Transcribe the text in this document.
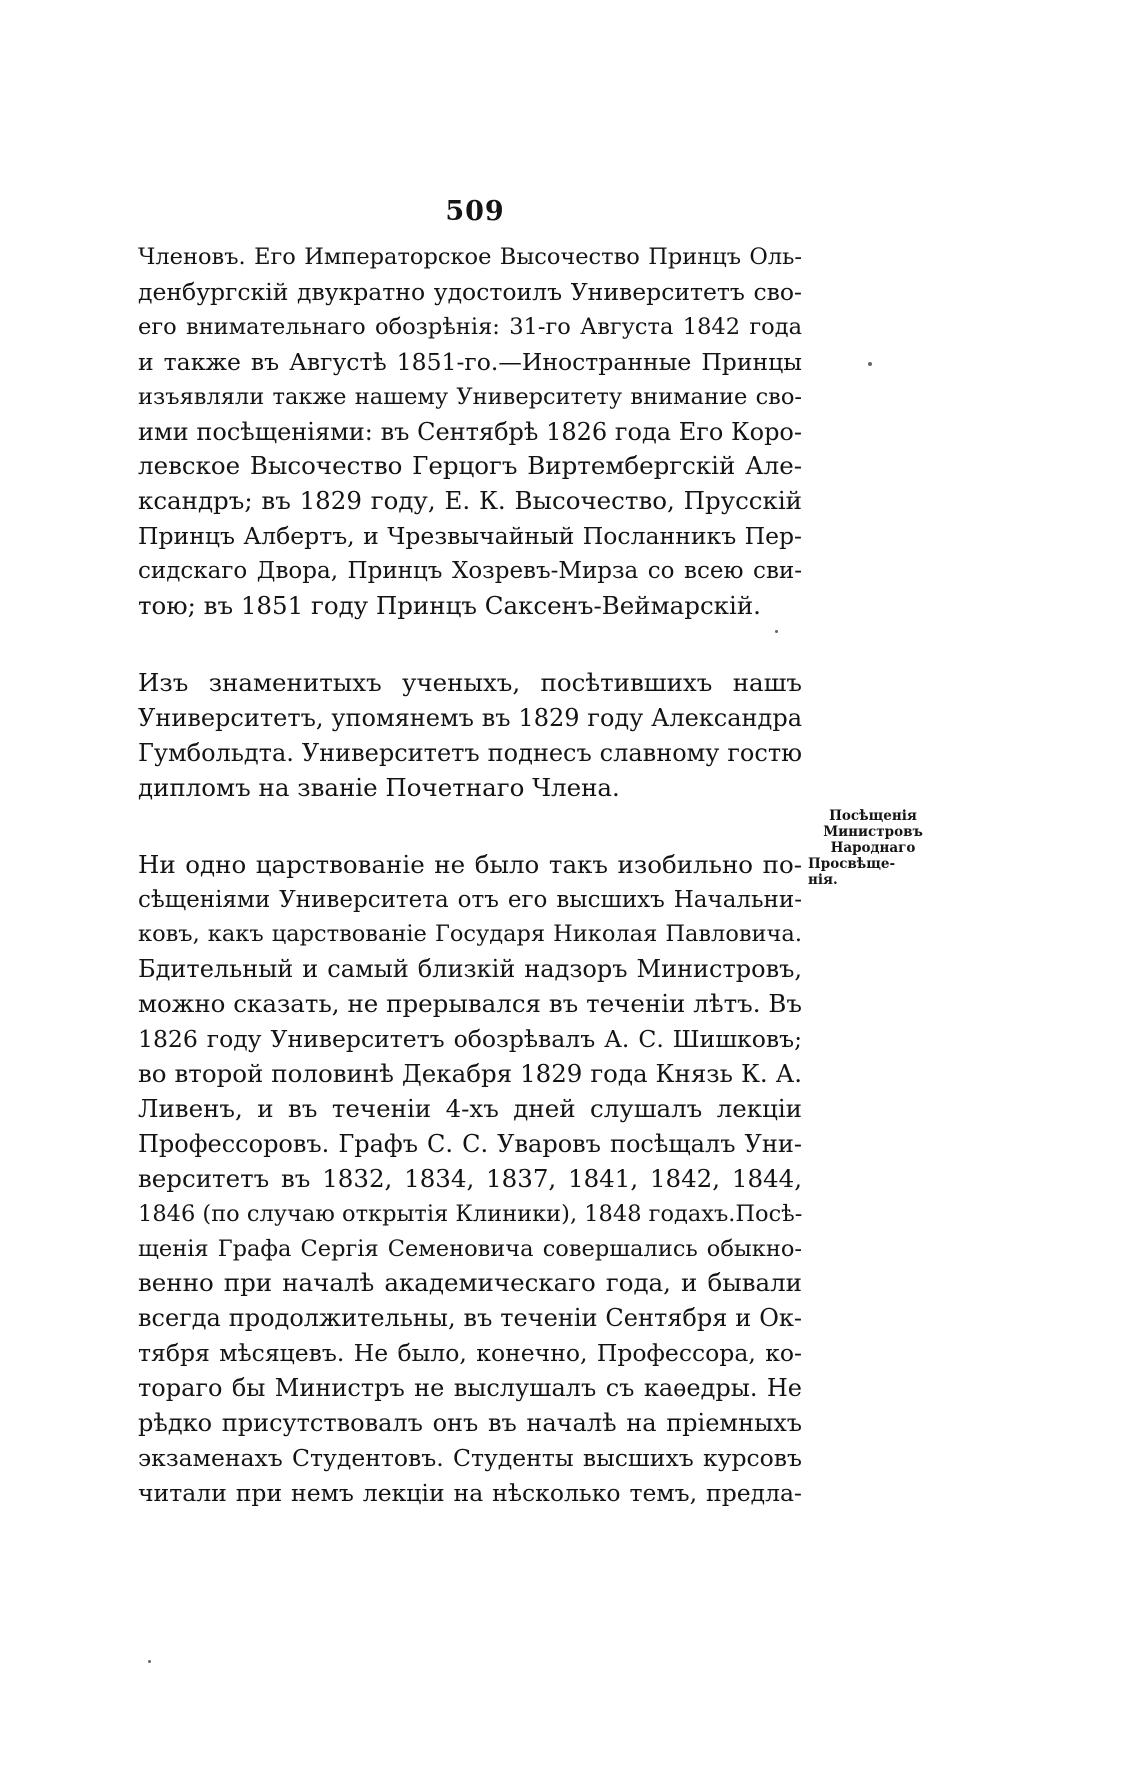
509

Членовъ. Его Императорское Высочество Принцъ Оль-
денбургскій двукратно удостоилъ Университетъ сво-
его внимательнаго обозрѣнія: 31-го Августа 1842 года
и также въ Августѣ 1851-го.—Иностранные Принцы
изъявляли также нашему Университету внимание свo-
ими посѣщеніями: въ Сентябрѣ 1826 года Его Коро-
левское Высочество Герцогъ Виртембергскій Але-
ксандръ; въ 1829 году, Е. К. Высочество, Прусскій
Принцъ Албертъ, и Чрезвычайный Посланникъ Пер-
сидскаго Двора, Принцъ Хозревъ-Мирза со всею сви-
тою; въ 1851 году Принцъ Саксенъ-Веймарскій.

Изъ знаменитыхъ ученыхъ, посѣтившихъ нашъ
Университетъ, упомянемъ въ 1829 году Александра
Гумбольдта. Университетъ поднесъ славному гостю
дипломъ на званіе Почетнаго Члена.

Ни одно царствованіе не было такъ изобильно по-
сѣщеніями Университета отъ его высшихъ Начальни-
ковъ, какъ царствованіе Государя Николая Павловича.
Бдительный и самый близкій надзоръ Министровъ,
можно сказать, не прерывался въ теченіи лѣтъ. Въ
1826 году Университетъ обозрѣвалъ А. С. Шишковъ;
во второй половинѣ Декабря 1829 года Князь К. А.
Ливенъ, и въ теченіи 4-хъ дней слушалъ лекціи
Профессоровъ. Графъ С. С. Уваровъ посѣщалъ Уни-
верситетъ въ 1832, 1834, 1837, 1841, 1842, 1844,
1846 (по случаю открытія Клиники), 1848 годахъ.Посѣ-
щенія Графа Сергія Семеновича совершались обыкно-
венно при началѣ академическаго года, и бывали
всегда продолжительны, въ теченіи Сентября и Ок-
тября мѣсяцевъ. Не было, конечно, Профессора, ко-
тораго бы Министръ не выслушалъ съ каѳедры. Не
рѣдко присутствовалъ онъ въ началѣ на пріемныхъ
экзаменахъ Студентовъ. Студенты высшихъ курсовъ
читали при немъ лекціи на нѣсколько темъ, предла-

Посѣщенія
Министровъ
Народнаго
Просвѣще-
нія.
